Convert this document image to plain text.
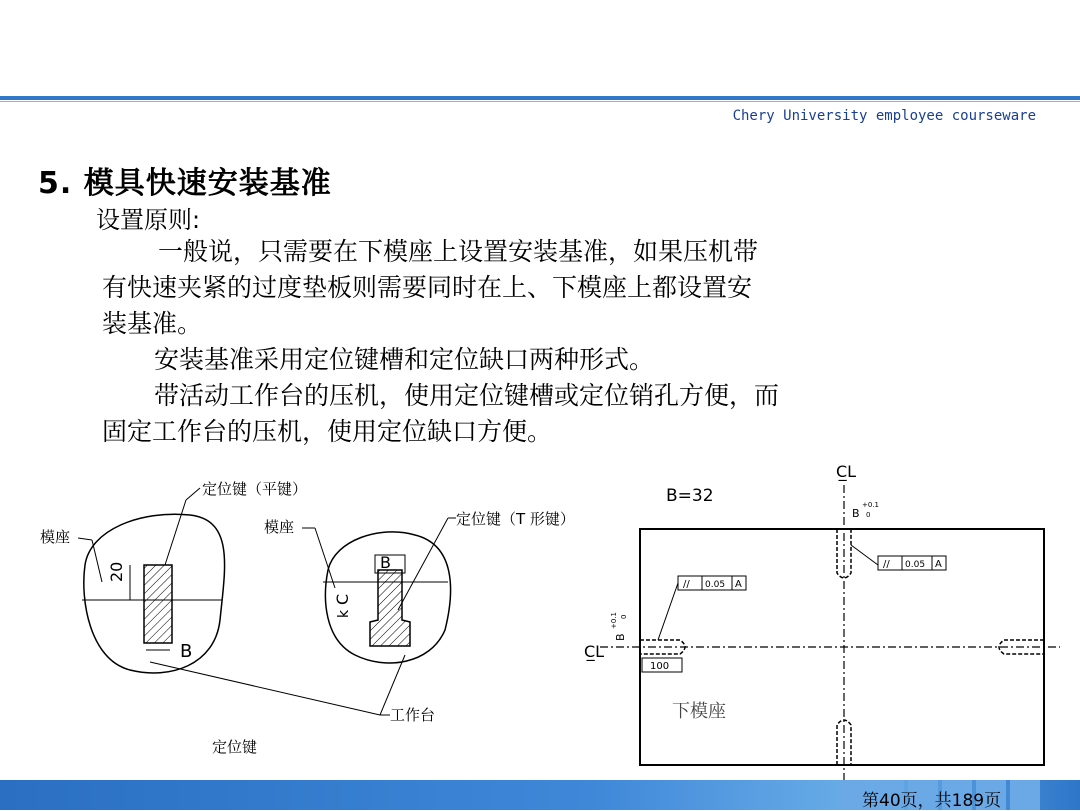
Chery University employee courseware
5. 模具快速安装基准
设置原则:
一般说，只需要在下模座上设置安装基准，如果压机带
有快速夹紧的过度垫板则需要同时在上、下模座上都设置安
装基准。
安装基准采用定位键槽和定位缺口两种形式。
带活动工作台的压机，使用定位键槽或定位销孔方便，而
固定工作台的压机，使用定位缺口方便。
20
B
定位键（平键）
模座
B
C
k
模座	定位键（T 形键）
工作台
定位键
B=32
C̲L
B
+0.1
0
// 0.05 A
// 0.05 A
B
+0.1 0
C̲L
100
下模座
第40页，共189页
